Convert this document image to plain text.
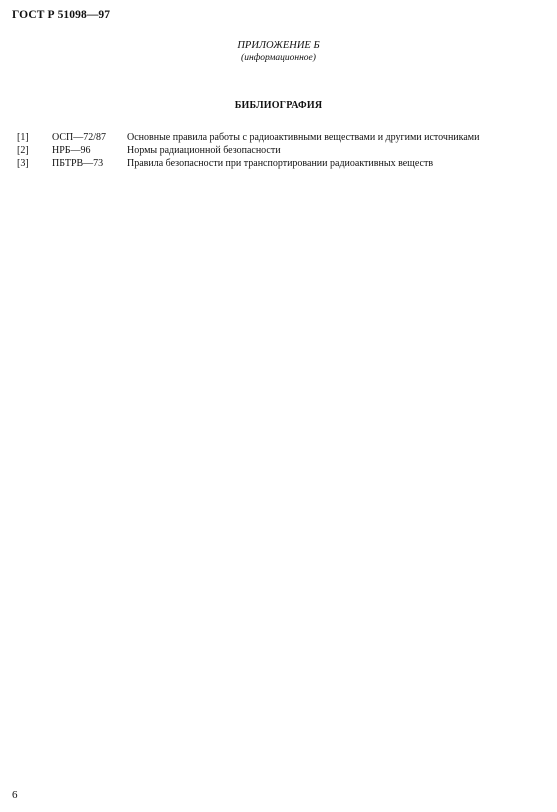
ГОСТ Р 51098—97
ПРИЛОЖЕНИЕ Б
(информационное)
БИБЛИОГРАФИЯ
[1]	ОСП—72/87	Основные правила работы с радиоактивными веществами и другими источниками
[2]	НРБ—96	Нормы радиационной безопасности
[3]	ПБТРВ—73	Правила безопасности при транспортировании радиоактивных веществ
6
